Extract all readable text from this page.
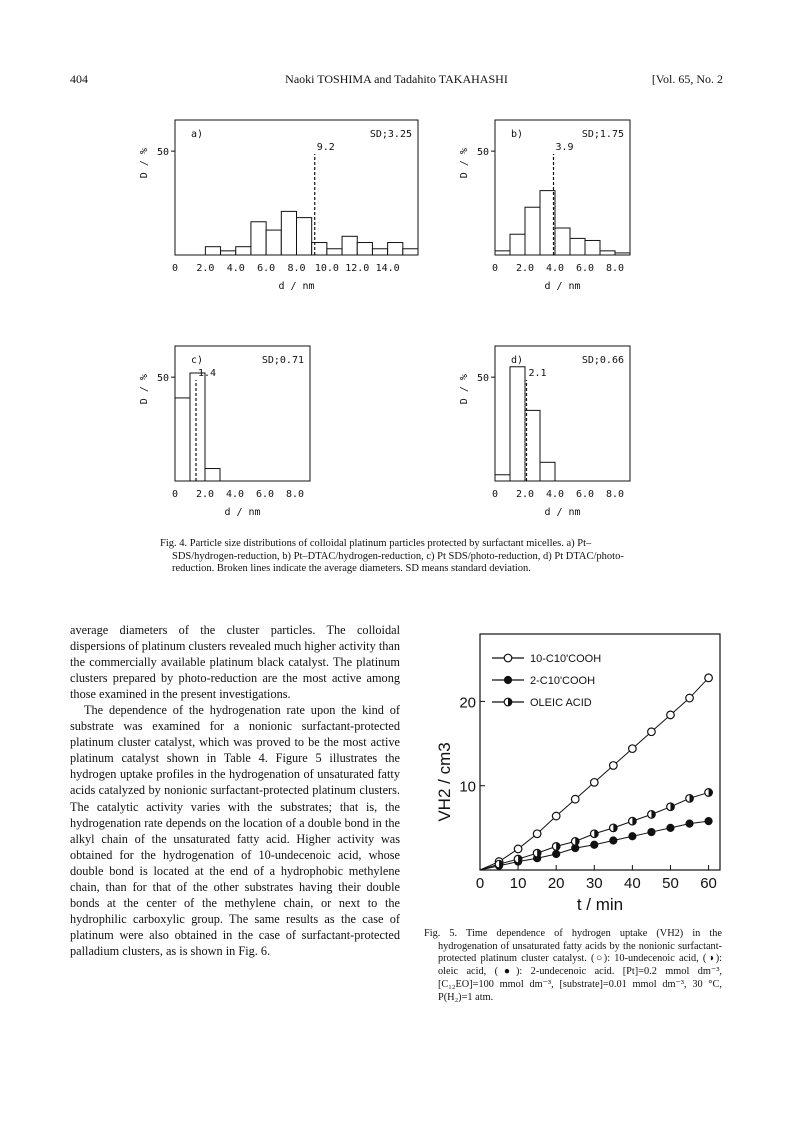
404	Naoki TOSHIMA and Tadahito TAKAHASHI	[Vol. 65, No. 2
a)	SD;3.25
50
D / %
9.2
0 2.0 4.0 6.0 8.0 10.0 12.0 14.0
d / nm
b)	SD;1.75
50
D / %
3.9
0 2.0 4.0 6.0 8.0
d / nm
c)	SD;0.71
50
D / %
1.4
0 2.0 4.0 6.0 8.0
d / nm
d)	SD;0.66
50
D / %
2.1
0 2.0 4.0 6.0 8.0
d / nm
Fig. 4. Particle size distributions of colloidal platinum particles protected by surfactant micelles. a) Pt–SDS/hydrogen-reduction, b) Pt–DTAC/hydrogen-reduction, c) Pt SDS/photo-reduction, d) Pt DTAC/photo-reduction. Broken lines indicate the average diameters. SD means standard deviation.

average diameters of the cluster particles. The colloidal dispersions of platinum clusters revealed much higher activity than the commercially available platinum black catalyst. The platinum clusters prepared by photo-reduction are the most active among those examined in the present investigations.

The dependence of the hydrogenation rate upon the kind of substrate was examined for a nonionic surfactant-protected platinum cluster catalyst, which was proved to be the most active platinum catalyst shown in Table 4. Figure 5 illustrates the hydrogen uptake profiles in the hydrogenation of unsaturated fatty acids catalyzed by nonionic surfactant-protected platinum clusters. The catalytic activity varies with the substrates; that is, the hydrogenation rate depends on the location of a double bond in the alkyl chain of the unsaturated fatty acid. Higher activity was obtained for the hydrogenation of 10-undecenoic acid, whose double bond is located at the end of a hydrophobic methylene chain, than for that of the other substrates having their double bonds at the center of the methylene chain, or next to the hydrophilic carboxylic group. The same results as the case of platinum were also obtained in the case of surfactant-protected palladium clusters, as is shown in Fig. 6.

0 10 20 30 40 50 60
10
20
t / min
VH2 / cm3
10-C10'COOH
2-C10'COOH
OLEIC ACID
Fig. 5. Time dependence of hydrogen uptake (VH2) in the hydrogenation of unsaturated fatty acids by the nonionic surfactant-protected platinum cluster catalyst. (○): 10-undecenoic acid, (◑): oleic acid, (●): 2-undecenoic acid. [Pt]=0.2 mmol dm⁻³, [C₁₂EO]=100 mmol dm⁻³, [substrate]=0.01 mmol dm⁻³, 30 °C, P(H₂)=1 atm.
